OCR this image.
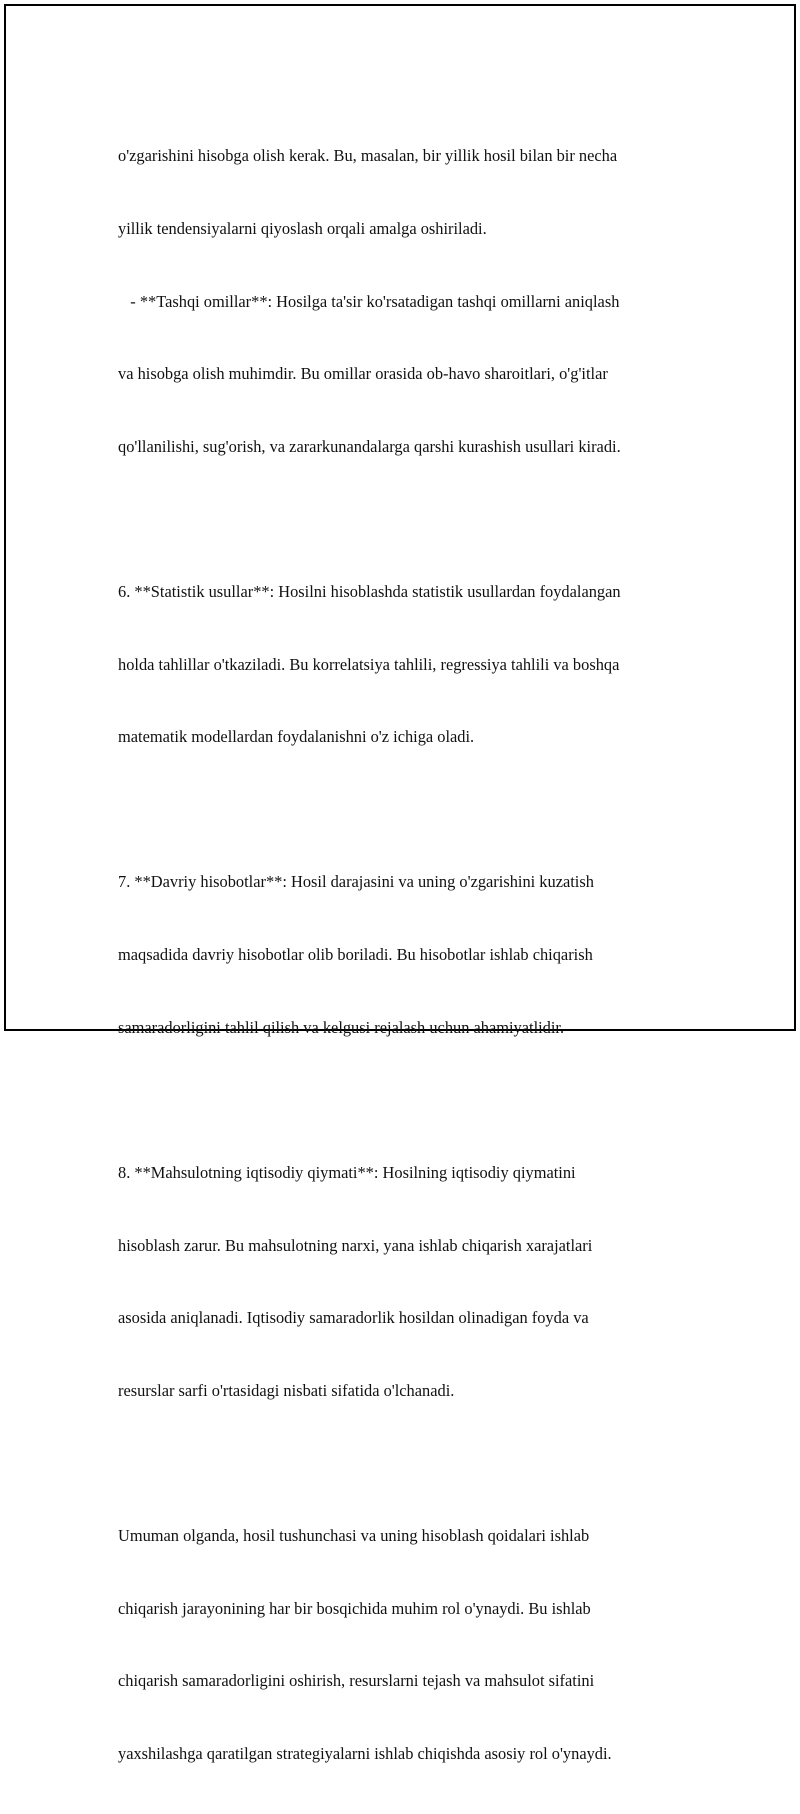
o'zgarishini hisobga olish kerak. Bu, masalan, bir yillik hosil bilan bir necha

yillik tendensiyalarni qiyoslash orqali amalga oshiriladi.

- **Tashqi omillar**: Hosilga ta'sir ko'rsatadigan tashqi omillarni aniqlash

va hisobga olish muhimdir. Bu omillar orasida ob-havo sharoitlari, o'g'itlar

qo'llanilishi, sug'orish, va zararkunandalarga qarshi kurashish usullari kiradi.

6. **Statistik usullar**: Hosilni hisoblashda statistik usullardan foydalangan

holda tahlillar o'tkaziladi. Bu korrelatsiya tahlili, regressiya tahlili va boshqa

matematik modellardan foydalanishni o'z ichiga oladi.

7. **Davriy hisobotlar**: Hosil darajasini va uning o'zgarishini kuzatish

maqsadida davriy hisobotlar olib boriladi. Bu hisobotlar ishlab chiqarish

samaradorligini tahlil qilish va kelgusi rejalash uchun ahamiyatlidir.

8. **Mahsulotning iqtisodiy qiymati**: Hosilning iqtisodiy qiymatini

hisoblash zarur. Bu mahsulotning narxi, yana ishlab chiqarish xarajatlari

asosida aniqlanadi. Iqtisodiy samaradorlik hosildan olinadigan foyda va

resurslar sarfi o'rtasidagi nisbati sifatida o'lchanadi.

Umuman olganda, hosil tushunchasi va uning hisoblash qoidalari ishlab

chiqarish jarayonining har bir bosqichida muhim rol o'ynaydi. Bu ishlab

chiqarish samaradorligini oshirish, resurslarni tejash va mahsulot sifatini

yaxshilashga qaratilgan strategiyalarni ishlab chiqishda asosiy rol o'ynaydi.
